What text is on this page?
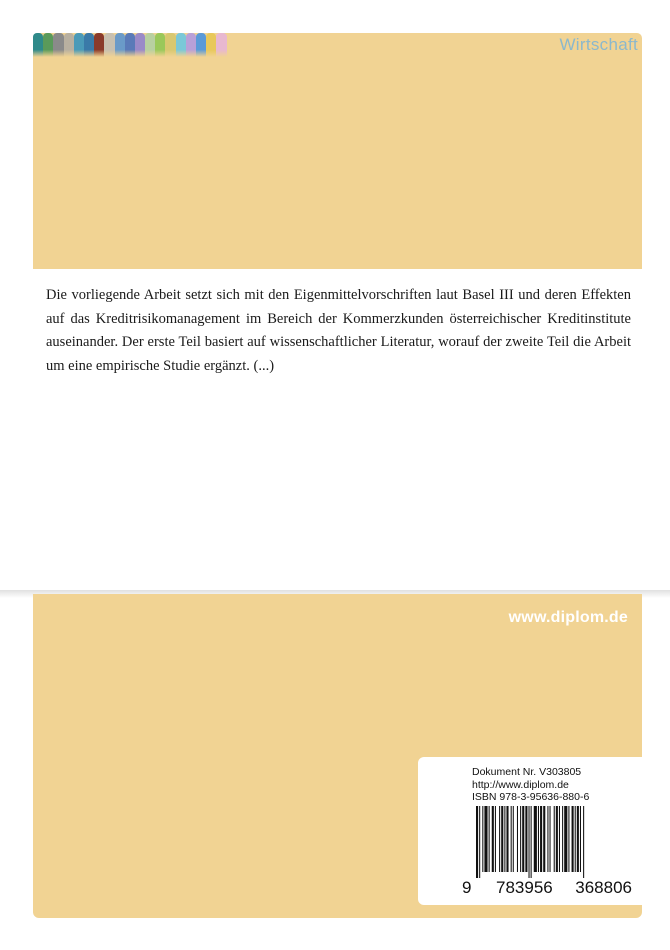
Wirtschaft
Die vorliegende Arbeit setzt sich mit den Eigenmittelvorschriften laut Basel III und deren Effekten auf das Kreditrisikomanagement im Bereich der Kommerzkunden österreichischer Kreditinstitute auseinander. Der erste Teil basiert auf wissenschaftlicher Literatur, worauf der zweite Teil die Arbeit um eine empirische Studie ergänzt. (...)
www.diplom.de
Dokument Nr. V303805
http://www.diplom.de
ISBN 978-3-95636-880-6
9 783956 368806
